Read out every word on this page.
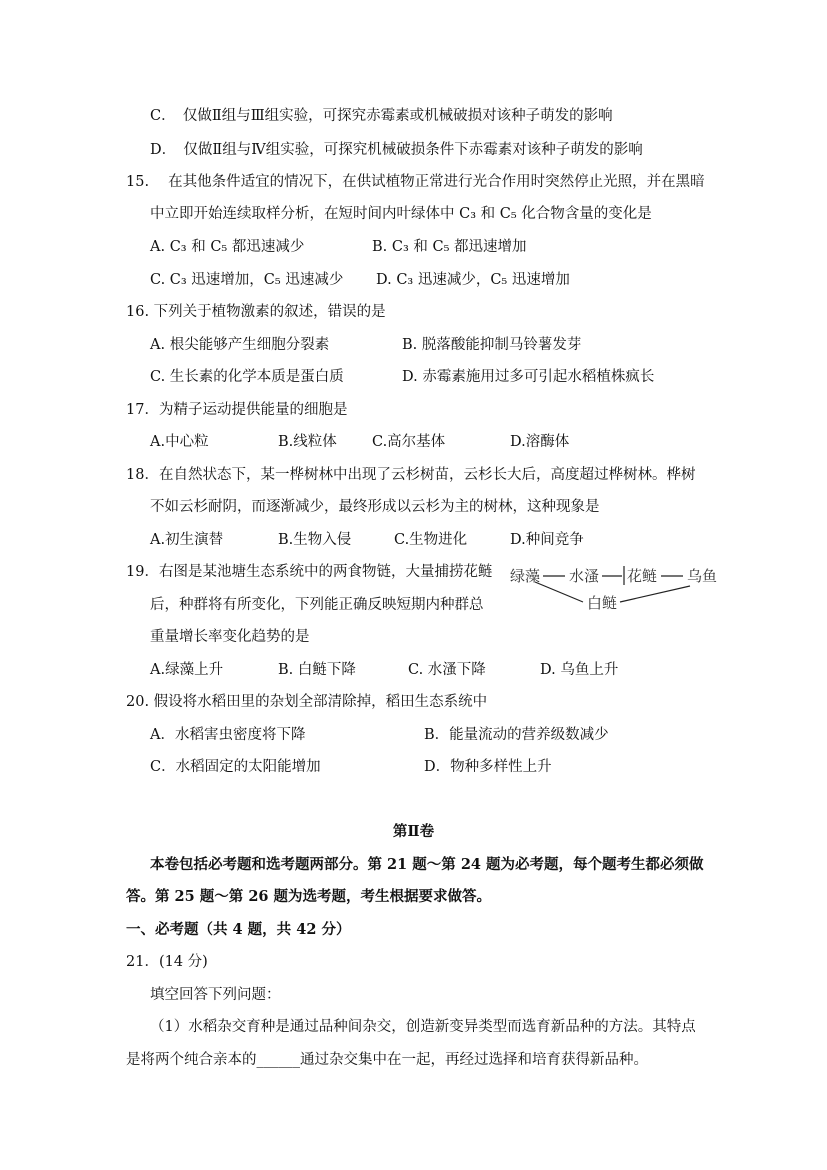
C．　仅做Ⅱ组与Ⅲ组实验，可探究赤霉素或机械破损对该种子萌发的影响
D．　仅做Ⅱ组与Ⅳ组实验，可探究机械破损条件下赤霉素对该种子萌发的影响
15.　 在其他条件适宜的情况下，在供试植物正常进行光合作用时突然停止光照，并在黑暗
中立即开始连续取样分析，在短时间内叶绿体中 C₃ 和 C₅ 化合物含量的变化是
A. C₃ 和 C₅ 都迅速减少	B. C₃ 和 C₅ 都迅速增加
C. C₃ 迅速增加，C₅ 迅速减少 D. C₃ 迅速减少，C₅ 迅速增加
16. 下列关于植物激素的叙述，错误的是
A. 根尖能够产生细胞分裂素	B. 脱落酸能抑制马铃薯发芽
C. 生长素的化学本质是蛋白质	D. 赤霉素施用过多可引起水稻植株疯长
17．为精子运动提供能量的细胞是
A.中心粒	B.线粒体 C.高尔基体	D.溶酶体
18．在自然状态下，某一桦树林中出现了云杉树苗，云杉长大后，高度超过桦树林。桦树
不如云杉耐阴，而逐渐减少，最终形成以云杉为主的树林，这种现象是
A.初生演替	B.生物入侵	C.生物进化	D.种间竞争
19．右图是某池塘生态系统中的两食物链，大量捕捞花鲢
后，种群将有所变化，下列能正确反映短期内种群总
重量增长率变化趋势的是
A.绿藻上升	B. 白鲢下降	C. 水溞下降	D. 乌鱼上升
绿藻 水溞 花鲢 乌鱼
白鲢
20. 假设将水稻田里的杂划全部清除掉，稻田生态系统中
A．水稻害虫密度将下降	B．能量流动的营养级数减少
C．水稻固定的太阳能增加	D．物种多样性上升
第Ⅱ卷
本卷包括必考题和选考题两部分。第 21 题～第 24 题为必考题，每个题考生都必须做
答。第 25 题～第 26 题为选考题，考生根据要求做答。
一、必考题（共 4 题，共 42 分）
21．(14 分)
填空回答下列问题：
（1）水稻杂交育种是通过品种间杂交，创造新变异类型而选育新品种的方法。其特点
是将两个纯合亲本的______通过杂交集中在一起，再经过选择和培育获得新品种。
